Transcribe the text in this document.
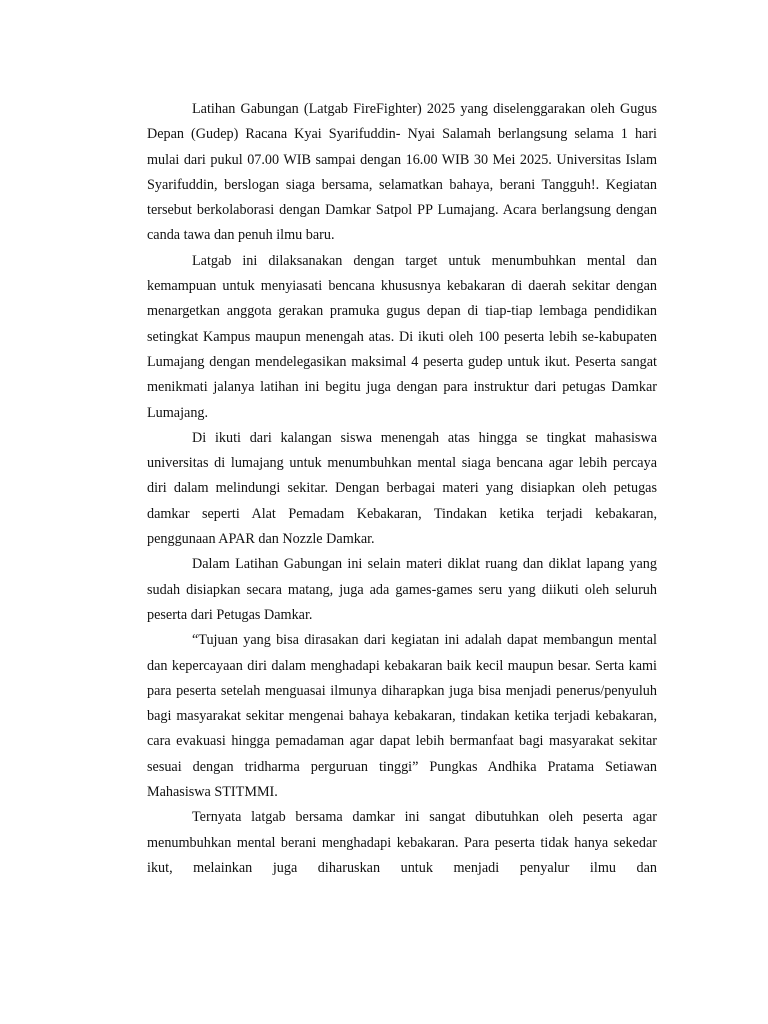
Latihan Gabungan (Latgab FireFighter) 2025 yang diselenggarakan oleh Gugus Depan (Gudep) Racana Kyai Syarifuddin- Nyai Salamah berlangsung selama 1 hari mulai dari pukul 07.00 WIB sampai dengan 16.00 WIB 30 Mei 2025. Universitas Islam Syarifuddin, berslogan siaga bersama, selamatkan bahaya, berani Tangguh!. Kegiatan tersebut berkolaborasi dengan Damkar Satpol PP Lumajang. Acara berlangsung dengan canda tawa dan penuh ilmu baru.

Latgab ini dilaksanakan dengan target untuk menumbuhkan mental dan kemampuan untuk menyiasati bencana khususnya kebakaran di daerah sekitar dengan menargetkan anggota gerakan pramuka gugus depan di tiap-tiap lembaga pendidikan setingkat Kampus maupun menengah atas. Di ikuti oleh 100 peserta lebih se-kabupaten Lumajang dengan mendelegasikan maksimal 4 peserta gudep untuk ikut. Peserta sangat menikmati jalanya latihan ini begitu juga dengan para instruktur dari petugas Damkar Lumajang.

Di ikuti dari kalangan siswa menengah atas hingga se tingkat mahasiswa universitas di lumajang untuk menumbuhkan mental siaga bencana agar lebih percaya diri dalam melindungi sekitar. Dengan berbagai materi yang disiapkan oleh petugas damkar seperti Alat Pemadam Kebakaran, Tindakan ketika terjadi kebakaran, penggunaan APAR dan Nozzle Damkar.

Dalam Latihan Gabungan ini selain materi diklat ruang dan diklat lapang yang sudah disiapkan secara matang, juga ada games-games seru yang diikuti oleh seluruh peserta dari Petugas Damkar.

“Tujuan yang bisa dirasakan dari kegiatan ini adalah dapat membangun mental dan kepercayaan diri dalam menghadapi kebakaran baik kecil maupun besar. Serta kami para peserta setelah menguasai ilmunya diharapkan juga bisa menjadi penerus/penyuluh bagi masyarakat sekitar mengenai bahaya kebakaran, tindakan ketika terjadi kebakaran, cara evakuasi hingga pemadaman agar dapat lebih bermanfaat bagi masyarakat sekitar sesuai dengan tridharma perguruan tinggi” Pungkas Andhika Pratama Setiawan Mahasiswa STITMMI.

Ternyata latgab bersama damkar ini sangat dibutuhkan oleh peserta agar menumbuhkan mental berani menghadapi kebakaran. Para peserta tidak hanya sekedar ikut, melainkan juga diharuskan untuk menjadi penyalur ilmu dan
